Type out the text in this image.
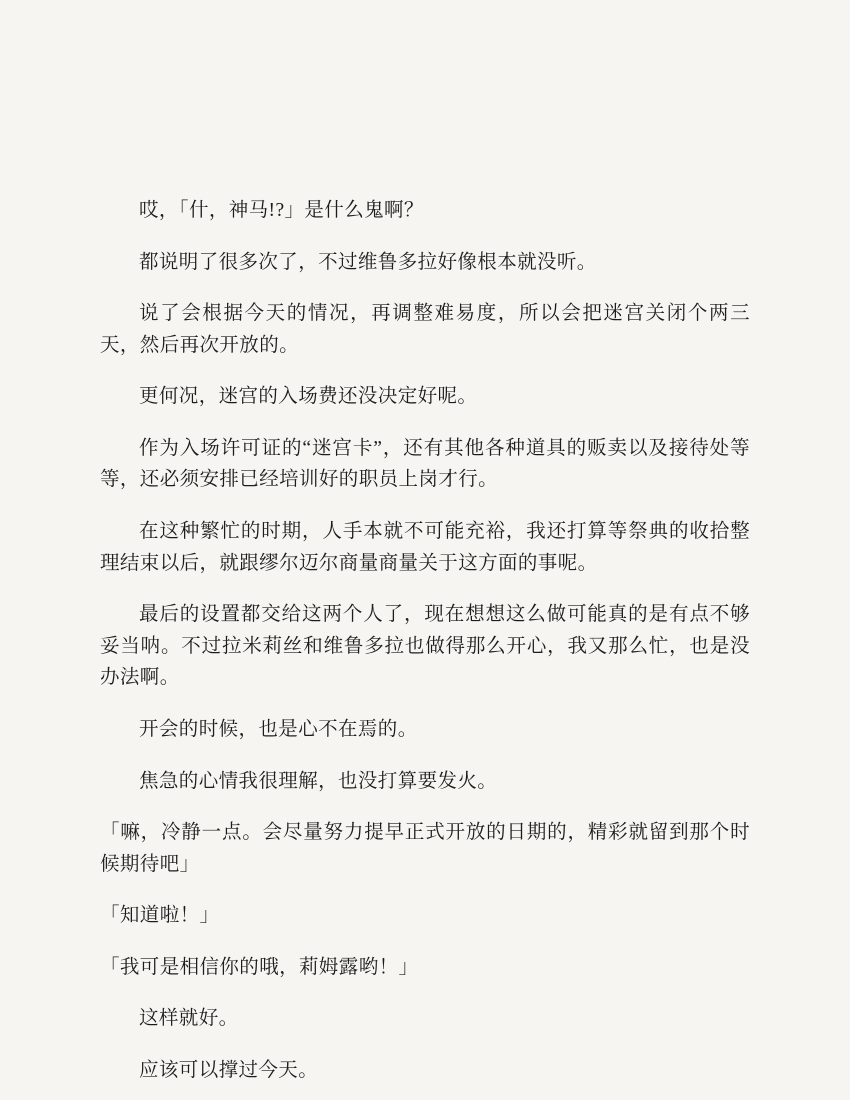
哎，「什，神马!?」是什么鬼啊？

都说明了很多次了，不过维鲁多拉好像根本就没听。

说了会根据今天的情况，再调整难易度，所以会把迷宫关闭个两三天，然后再次开放的。

更何况，迷宫的入场费还没决定好呢。

作为入场许可证的“迷宫卡”，还有其他各种道具的贩卖以及接待处等等，还必须安排已经培训好的职员上岗才行。

在这种繁忙的时期，人手本就不可能充裕，我还打算等祭典的收拾整理结束以后，就跟缪尔迈尔商量商量关于这方面的事呢。

最后的设置都交给这两个人了，现在想想这么做可能真的是有点不够妥当呐。不过拉米莉丝和维鲁多拉也做得那么开心，我又那么忙，也是没办法啊。

开会的时候，也是心不在焉的。

焦急的心情我很理解，也没打算要发火。

「嘛，冷静一点。会尽量努力提早正式开放的日期的，精彩就留到那个时候期待吧」

「知道啦！」

「我可是相信你的哦，莉姆露哟！」

这样就好。

应该可以撑过今天。
